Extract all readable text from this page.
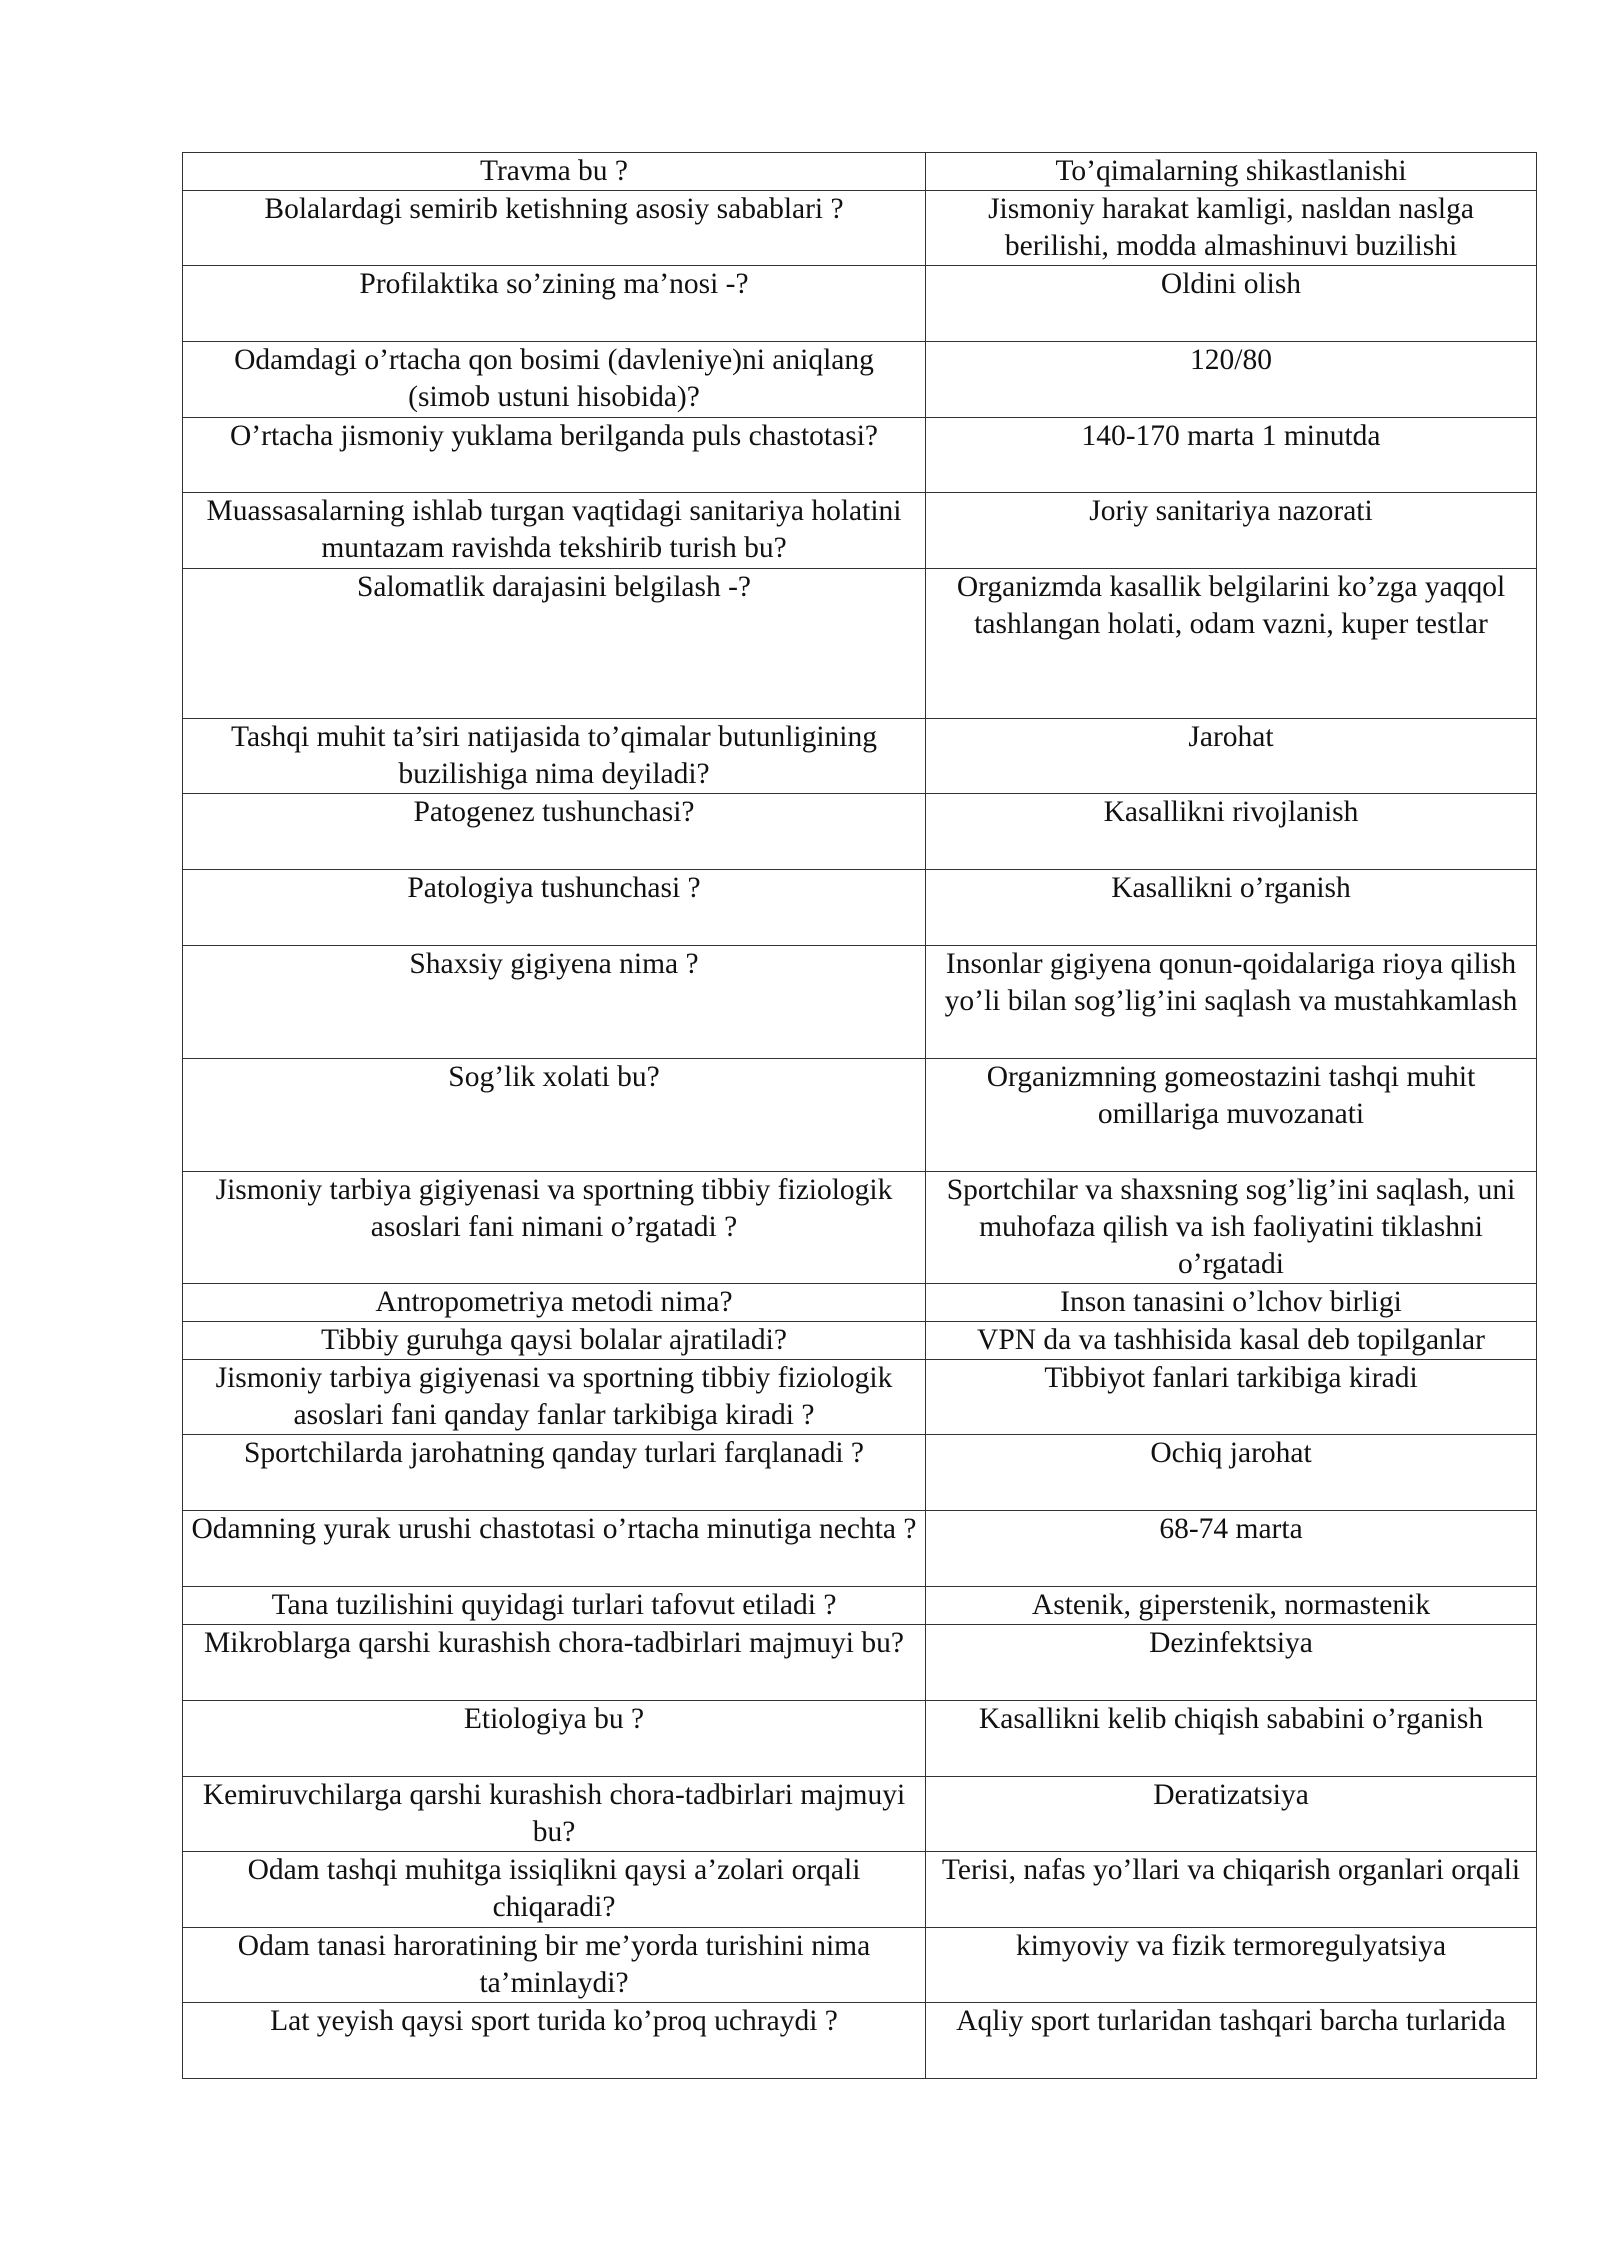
Travma bu ?	To’qimalarning shikastlanishi
Bolalardagi semirib ketishning asosiy sabablari ?	Jismoniy harakat kamligi, nasldan naslga berilishi, modda almashinuvi buzilishi
Profilaktika so’zining ma’nosi -?	Oldini olish
Odamdagi o’rtacha qon bosimi (davleniye)ni aniqlang (simob ustuni hisobida)?	120/80
O’rtacha jismoniy yuklama berilganda puls chastotasi?	140-170 marta 1 minutda
Muassasalarning ishlab turgan vaqtidagi sanitariya holatini muntazam ravishda tekshirib turish bu?	Joriy sanitariya nazorati
Salomatlik darajasini belgilash -?	Organizmda kasallik belgilarini ko’zga yaqqol tashlangan holati, odam vazni, kuper testlar
Tashqi muhit ta’siri natijasida to’qimalar butunligining buzilishiga nima deyiladi?	Jarohat
Patogenez tushunchasi?	Kasallikni rivojlanish
Patologiya tushunchasi ?	Kasallikni o’rganish
Shaxsiy gigiyena nima ?	Insonlar gigiyena qonun-qoidalariga rioya qilish yo’li bilan sog’lig’ini saqlash va mustahkamlash
Sog’lik xolati bu?	Organizmning gomeostazini tashqi muhit omillariga muvozanati
Jismoniy tarbiya gigiyenasi va sportning tibbiy fiziologik asoslari fani nimani o’rgatadi ?	Sportchilar va shaxsning sog’lig’ini saqlash, uni muhofaza qilish va ish faoliyatini tiklashni o’rgatadi
Antropometriya metodi nima?	Inson tanasini o’lchov birligi
Tibbiy guruhga qaysi bolalar ajratiladi?	VPN da va tashhisida kasal deb topilganlar
Jismoniy tarbiya gigiyenasi va sportning tibbiy fiziologik asoslari fani qanday fanlar tarkibiga kiradi ?	Tibbiyot fanlari tarkibiga kiradi
Sportchilarda jarohatning qanday turlari farqlanadi ?	Ochiq jarohat
Odamning yurak urushi chastotasi o’rtacha minutiga nechta ?	68-74 marta
Tana tuzilishini quyidagi turlari tafovut etiladi ?	Astenik, giperstenik, normastenik
Mikroblarga qarshi kurashish chora-tadbirlari majmuyi bu?	Dezinfektsiya
Etiologiya bu ?	Kasallikni kelib chiqish sababini o’rganish
Kemiruvchilarga qarshi kurashish chora-tadbirlari majmuyi bu?	Deratizatsiya
Odam tashqi muhitga issiqlikni qaysi a’zolari orqali chiqaradi?	Terisi, nafas yo’llari va chiqarish organlari orqali
Odam tanasi haroratining bir me’yorda turishini nima ta’minlaydi?	kimyoviy va fizik termoregulyatsiya
Lat yeyish qaysi sport turida ko’proq uchraydi ?	Aqliy sport turlaridan tashqari barcha turlarida
